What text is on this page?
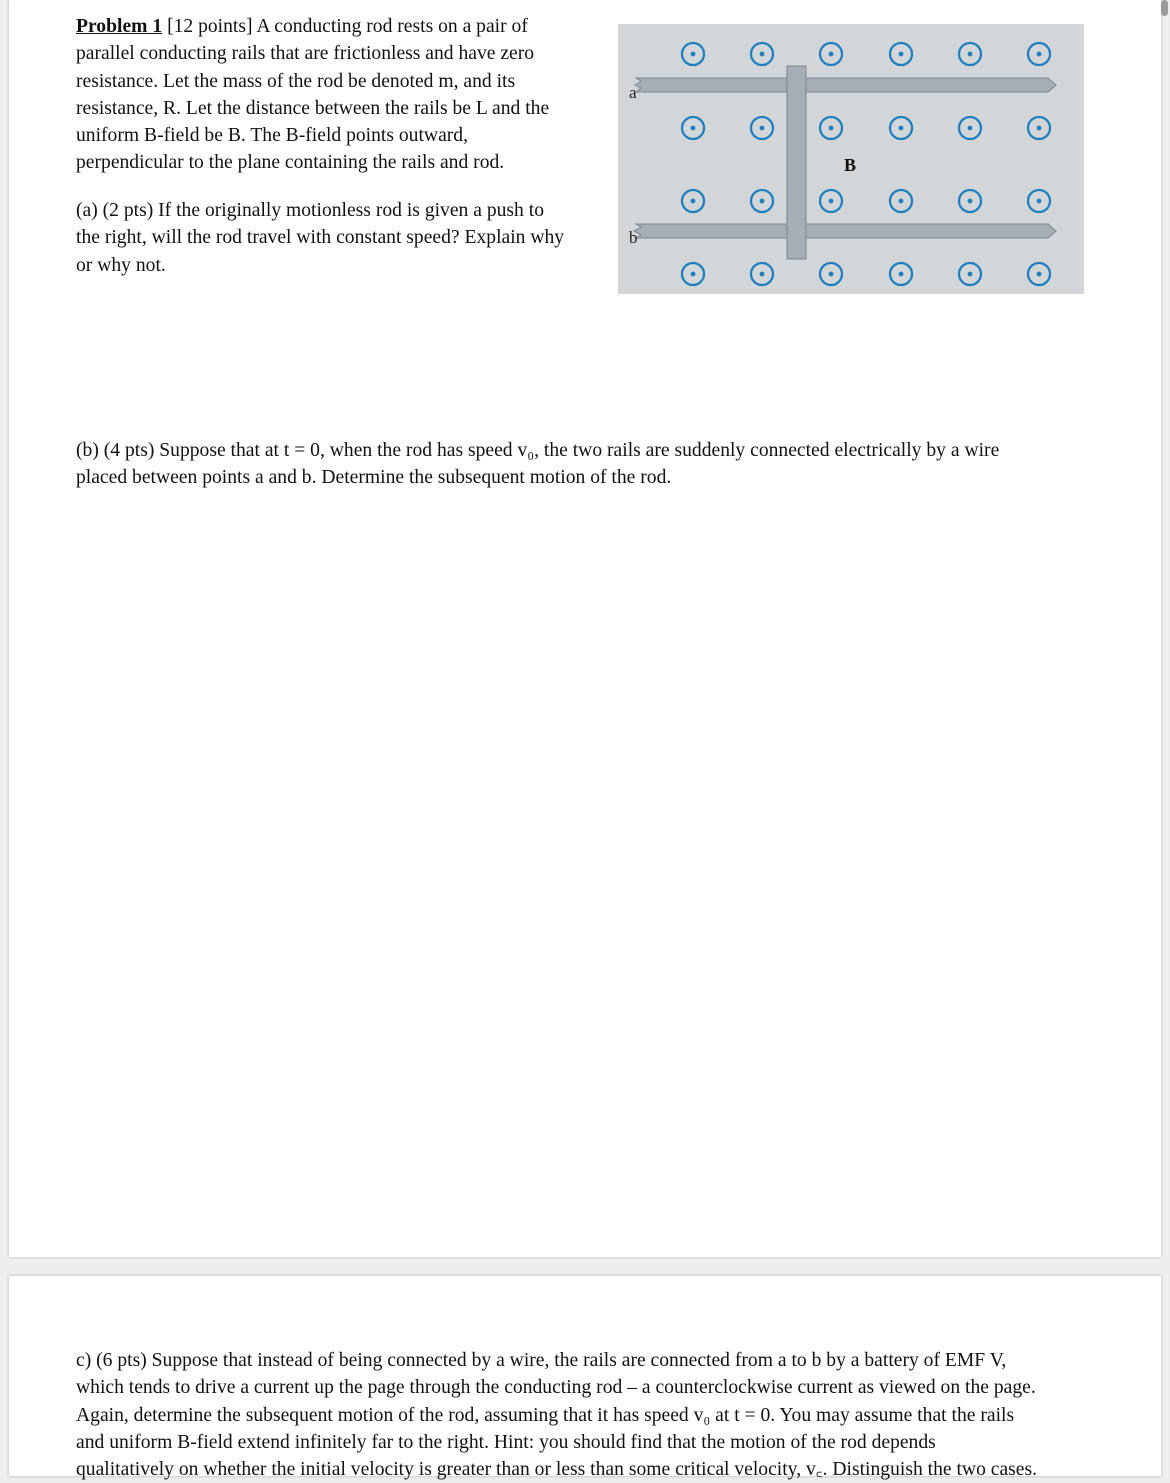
Problem 1 [12 points] A conducting rod rests on a pair of
parallel conducting rails that are frictionless and have zero
resistance. Let the mass of the rod be denoted m, and its
resistance, R. Let the distance between the rails be L and the
uniform B-field be B. The B-field points outward,
perpendicular to the plane containing the rails and rod.

(a) (2 pts) If the originally motionless rod is given a push to
the right, will the rod travel with constant speed? Explain why
or why not.

a
b
B

(b) (4 pts) Suppose that at t = 0, when the rod has speed v₀, the two rails are suddenly connected electrically by a wire
placed between points a and b. Determine the subsequent motion of the rod.

c) (6 pts) Suppose that instead of being connected by a wire, the rails are connected from a to b by a battery of EMF V,
which tends to drive a current up the page through the conducting rod – a counterclockwise current as viewed on the page.
Again, determine the subsequent motion of the rod, assuming that it has speed v₀ at t = 0. You may assume that the rails
and uniform B-field extend infinitely far to the right. Hint: you should find that the motion of the rod depends
qualitatively on whether the initial velocity is greater than or less than some critical velocity, v꜀. Distinguish the two cases.
